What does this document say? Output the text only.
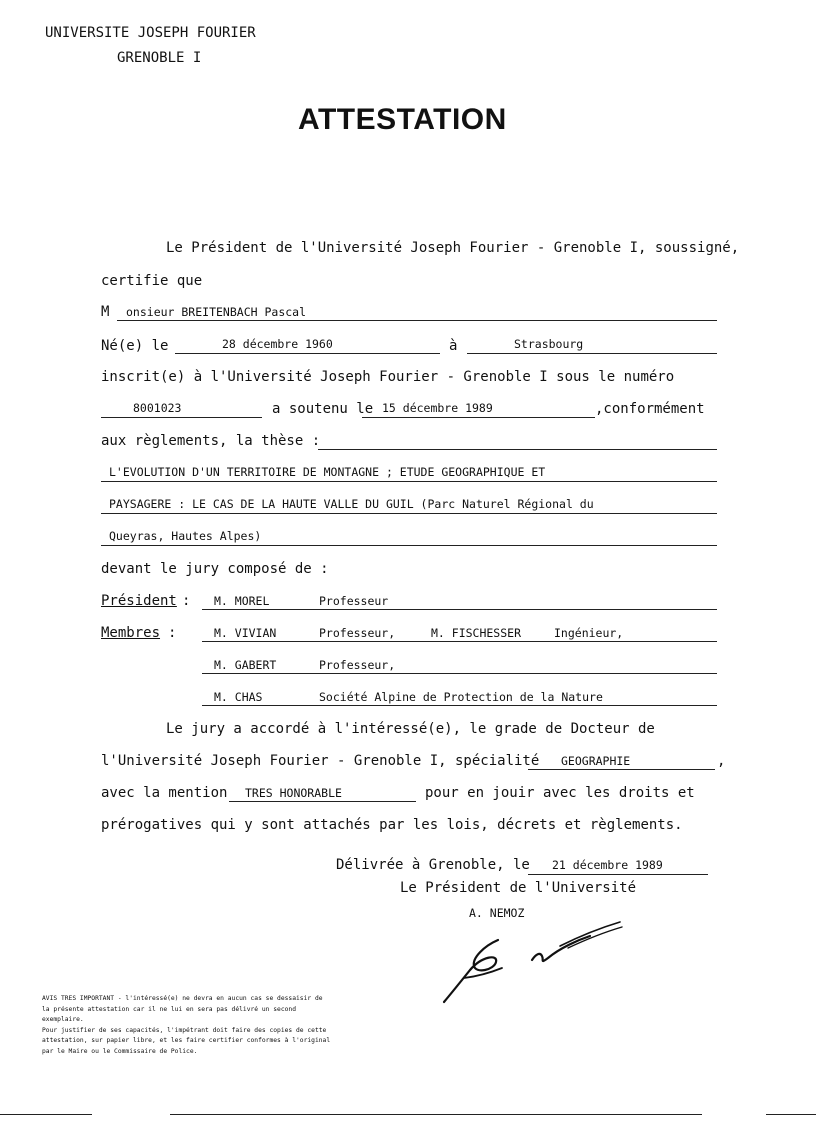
UNIVERSITE JOSEPH FOURIER
GRENOBLE I
ATTESTATION
Le Président de l'Université Joseph Fourier - Grenoble I, soussigné,
certifie que
M onsieur BREITENBACH Pascal
Né(e) le	28 décembre 1960	à	Strasbourg
inscrit(e) à l'Université Joseph Fourier - Grenoble I sous le numéro
8001023	a soutenu le 15 décembre 1989	,conformément
aux règlements, la thèse :
L'EVOLUTION D'UN TERRITOIRE DE MONTAGNE ; ETUDE GEOGRAPHIQUE ET
PAYSAGERE : LE CAS DE LA HAUTE VALLE DU GUIL (Parc Naturel Régional du
Queyras, Hautes Alpes)
devant le jury composé de :
Président : M. MOREL	Professeur
Membres :	M. VIVIAN	Professeur,	M. FISCHESSER	Ingénieur,
M. GABERT	Professeur,
M. CHAS	Société Alpine de Protection de la Nature
Le jury a accordé à l'intéressé(e), le grade de Docteur de
l'Université Joseph Fourier - Grenoble I, spécialité GEOGRAPHIE	,
avec la mention TRES HONORABLE	pour en jouir avec les droits et
prérogatives qui y sont attachés par les lois, décrets et règlements.
Délivrée à Grenoble, le 21 décembre 1989
Le Président de l'Université
A. NEMOZ

AVIS TRES IMPORTANT - l'intéressé(e) ne devra en aucun cas se dessaisir de la présente attestation car il ne lui en sera pas délivré un second exemplaire.

Pour justifier de ses capacités, l'impétrant doit faire des copies de cette attestation, sur papier libre, et les faire certifier conformes à l'original par le Maire ou le Commissaire de Police.
